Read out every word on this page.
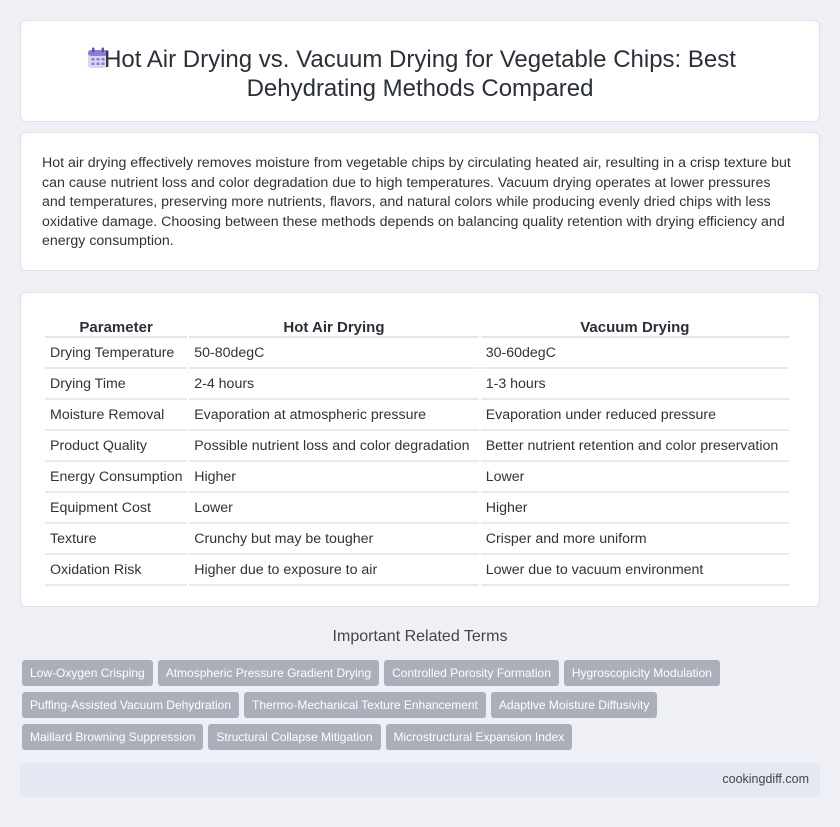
Hot Air Drying vs. Vacuum Drying for Vegetable Chips: Best Dehydrating Methods Compared

Hot air drying effectively removes moisture from vegetable chips by circulating heated air, resulting in a crisp texture but can cause nutrient loss and color degradation due to high temperatures. Vacuum drying operates at lower pressures and temperatures, preserving more nutrients, flavors, and natural colors while producing evenly dried chips with less oxidative damage. Choosing between these methods depends on balancing quality retention with drying efficiency and energy consumption.

Parameter	Hot Air Drying	Vacuum Drying
Drying Temperature	50-80degC	30-60degC
Drying Time	2-4 hours	1-3 hours
Moisture Removal	Evaporation at atmospheric pressure	Evaporation under reduced pressure
Product Quality	Possible nutrient loss and color degradation	Better nutrient retention and color preservation
Energy Consumption	Higher	Lower
Equipment Cost	Lower	Higher
Texture	Crunchy but may be tougher	Crisper and more uniform
Oxidation Risk	Higher due to exposure to air	Lower due to vacuum environment
Important Related Terms
Low-Oxygen Crisping Atmospheric Pressure Gradient Drying Controlled Porosity Formation Hygroscopicity Modulation
Puffing-Assisted Vacuum Dehydration Thermo-Mechanical Texture Enhancement Adaptive Moisture Diffusivity
Maillard Browning Suppression Structural Collapse Mitigation Microstructural Expansion Index
cookingdiff.com
